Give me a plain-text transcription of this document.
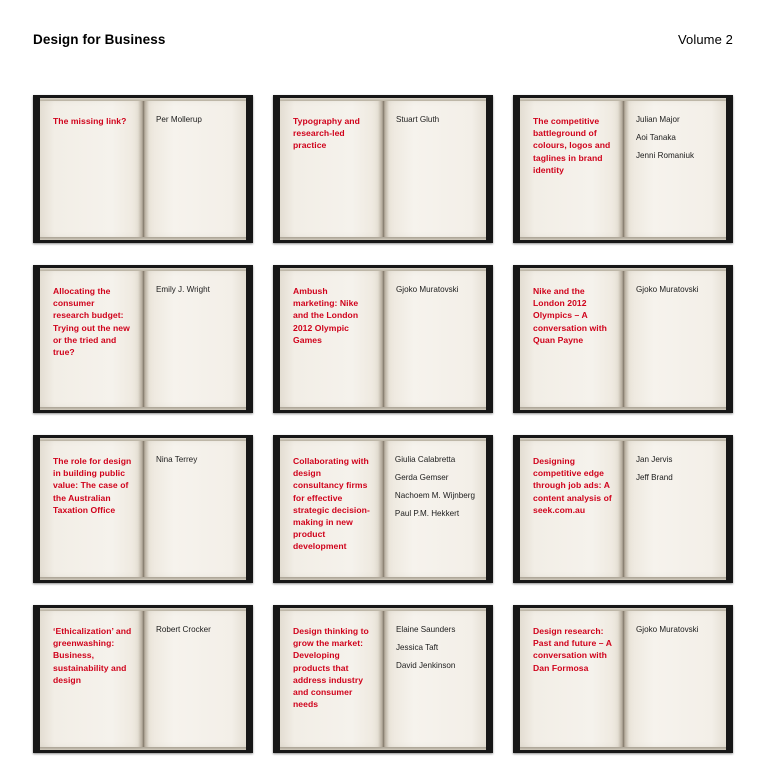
Design for Business	Volume 2

The missing link?	Per Mollerup	Typography and research-led practice

Stuart Gluth	The competitive battleground of colours, logos and taglines in brand identity

Julian Major
Aoi Tanaka
Jenni Romaniuk

Allocating the consumer research budget: Trying out the new or the tried and true?

Emily J. Wright	Ambush marketing: Nike and the London 2012 Olympic Games

Gjoko Muratovski	Nike and the London 2012 Olympics – A conversation with Quan Payne

Gjoko Muratovski

The role for design in building public value: The case of the Australian Taxation Office

Nina Terrey	Collaborating with design consultancy firms for effective strategic decision-making in new product development

Giulia Calabretta
Gerda Gemser
Nachoem M. Wijnberg
Paul P.M. Hekkert

Designing competitive edge through job ads: A content analysis of seek.com.au

Jan Jervis
Jeff Brand

‘Ethicalization’ and greenwashing: Business, sustainability and design

Robert Crocker	Design thinking to grow the market: Developing products that address industry and consumer needs

Elaine Saunders
Jessica Taft
David Jenkinson

Design research: Past and future – A conversation with Dan Formosa

Gjoko Muratovski
